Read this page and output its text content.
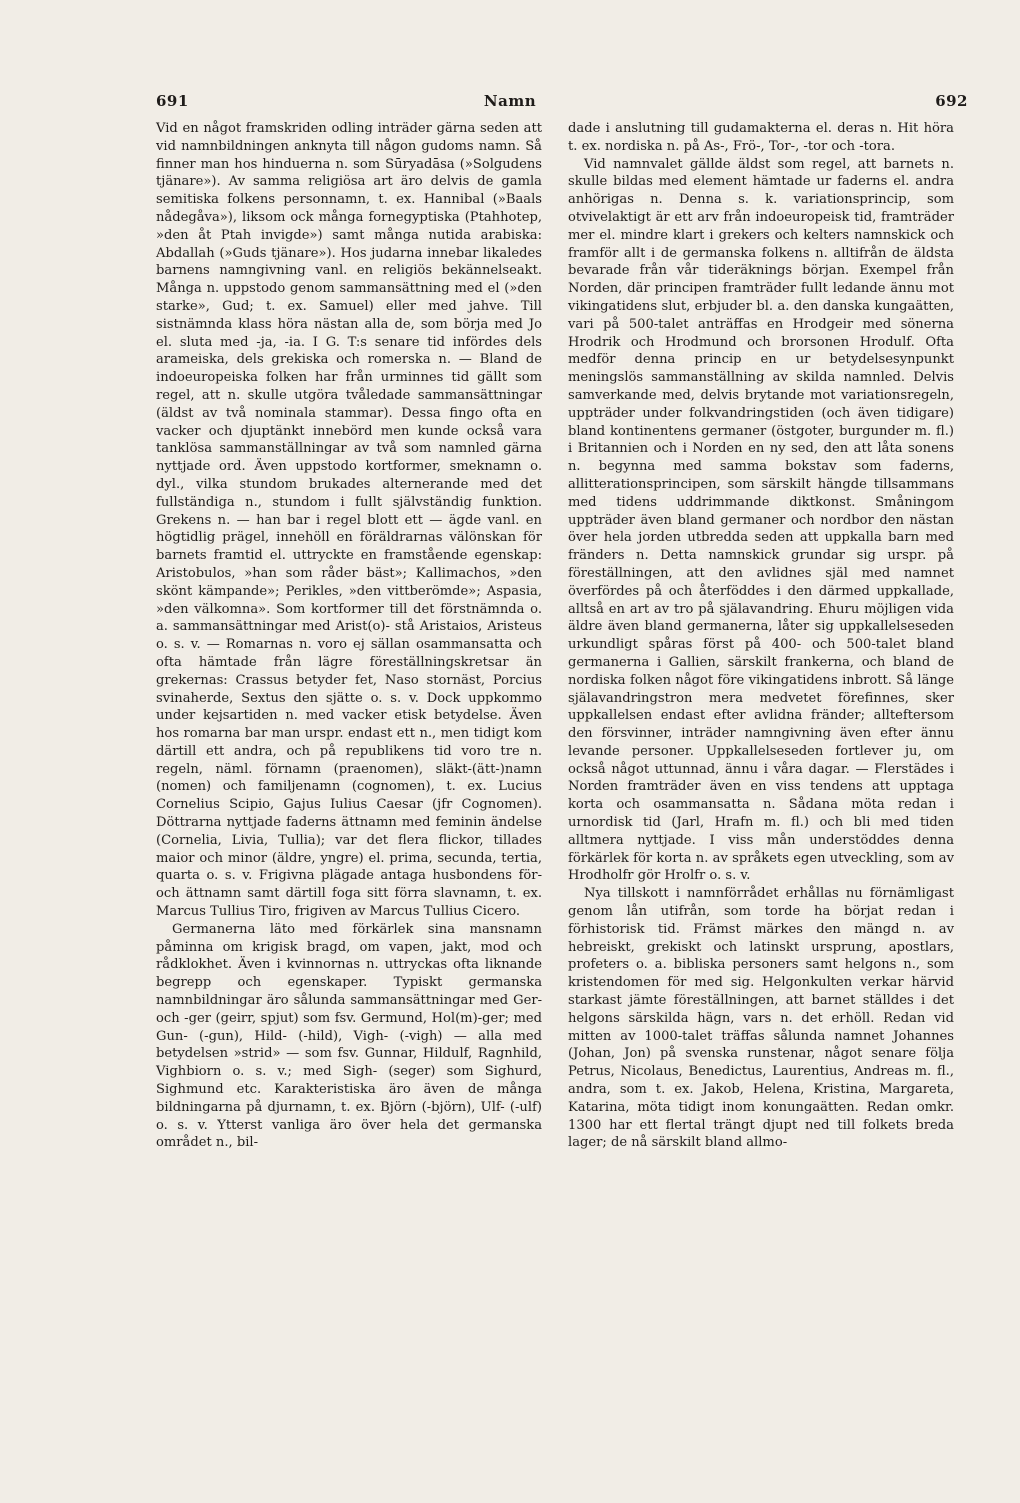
691	Namn	692

Vid en något framskriden odling inträder gärna seden att vid namnbildningen anknyta till någon gudoms namn. Så finner man hos hinduerna n. som Sūryadāsa (»Solgudens tjänare»). Av samma religiösa art äro delvis de gamla semitiska folkens personnamn, t. ex. Hannibal (»Baals nådegåva»), liksom ock många fornegyptiska (Ptahhotep, »den åt Ptah invigde») samt många nutida arabiska: Abdallah (»Guds tjänare»). Hos judarna innebar likaledes barnens namngivning vanl. en religiös bekännelseakt. Många n. uppstodo genom sammansättning med el (»den starke», Gud; t. ex. Samuel) eller med jahve. Till sistnämnda klass höra nästan alla de, som börja med Jo el. sluta med -ja, -ia. I G. T:s senare tid infördes dels arameiska, dels grekiska och romerska n. — Bland de indoeuropeiska folken har från urminnes tid gällt som regel, att n. skulle utgöra tvåledade sammansättningar (äldst av två nominala stammar). Dessa fingo ofta en vacker och djuptänkt innebörd men kunde också vara tanklösa sammanställningar av två som namnled gärna nyttjade ord. Även uppstodo kortformer, smeknamn o. dyl., vilka stundom brukades alternerande med det fullständiga n., stundom i fullt självständig funktion. Grekens n. — han bar i regel blott ett — ägde vanl. en högtidlig prägel, innehöll en föräldrarnas välönskan för barnets framtid el. uttryckte en framstående egenskap: Aristobulos, »han som råder bäst»; Kallimachos, »den skönt kämpande»; Perikles, »den vittberömde»; Aspasia, »den välkomna». Som kortformer till det förstnämnda o. a. sammansättningar med Arist(o)- stå Aristaios, Aristeus o. s. v. — Romarnas n. voro ej sällan osammansatta och ofta hämtade från lägre föreställningskretsar än grekernas: Crassus betyder fet, Naso stornäst, Porcius svinaherde, Sextus den sjätte o. s. v. Dock uppkommo under kejsartiden n. med vacker etisk betydelse. Även hos romarna bar man urspr. endast ett n., men tidigt kom därtill ett andra, och på republikens tid voro tre n. regeln, näml. förnamn (praenomen), släkt-(ätt-)namn (nomen) och familjenamn (cognomen), t. ex. Lucius Cornelius Scipio, Gajus Iulius Caesar (jfr Cognomen). Döttrarna nyttjade faderns ättnamn med feminin ändelse (Cornelia, Livia, Tullia); var det flera flickor, tillades maior och minor (äldre, yngre) el. prima, secunda, tertia, quarta o. s. v. Frigivna plägade antaga husbondens för- och ättnamn samt därtill foga sitt förra slavnamn, t. ex. Marcus Tullius Tiro, frigiven av Marcus Tullius Cicero.

Germanerna läto med förkärlek sina mansnamn påminna om krigisk bragd, om vapen, jakt, mod och rådklokhet. Även i kvinnornas n. uttryckas ofta liknande begrepp och egenskaper. Typiskt germanska namnbildningar äro sålunda sammansättningar med Ger- och -ger (geirr, spjut) som fsv. Germund, Hol(m)-ger; med Gun- (-gun), Hild- (-hild), Vigh- (-vigh) — alla med betydelsen »strid» — som fsv. Gunnar, Hildulf, Ragnhild, Vighbiorn o. s. v.; med Sigh- (seger) som Sighurd, Sighmund etc. Karakteristiska äro även de många bildningarna på djurnamn, t. ex. Björn (-björn), Ulf- (-ulf) o. s. v. Ytterst vanliga äro över hela det germanska området n., bil-

dade i anslutning till gudamakterna el. deras n. Hit höra t. ex. nordiska n. på As-, Frö-, Tor-, -tor och -tora.

Vid namnvalet gällde äldst som regel, att barnets n. skulle bildas med element hämtade ur faderns el. andra anhörigas n. Denna s. k. variationsprincip, som otvivelaktigt är ett arv från indoeuropeisk tid, framträder mer el. mindre klart i grekers och kelters namnskick och framför allt i de germanska folkens n. alltifrån de äldsta bevarade från vår tideräknings början. Exempel från Norden, där principen framträder fullt ledande ännu mot vikingatidens slut, erbjuder bl. a. den danska kungaätten, vari på 500-talet anträffas en Hrodgeir med sönerna Hrodrik och Hrodmund och brorsonen Hrodulf. Ofta medför denna princip en ur betydelsesynpunkt meningslös sammanställning av skilda namnled. Delvis samverkande med, delvis brytande mot variationsregeln, uppträder under folkvandringstiden (och även tidigare) bland kontinentens germaner (östgoter, burgunder m. fl.) i Britannien och i Norden en ny sed, den att låta sonens n. begynna med samma bokstav som faderns, allitterationsprincipen, som särskilt hängde tillsammans med tidens uddrimmande diktkonst. Småningom uppträder även bland germaner och nordbor den nästan över hela jorden utbredda seden att uppkalla barn med fränders n. Detta namnskick grundar sig urspr. på föreställningen, att den avlidnes själ med namnet överfördes på och återföddes i den därmed uppkallade, alltså en art av tro på själavandring. Ehuru möjligen vida äldre även bland germanerna, låter sig uppkallelseseden urkundligt spåras först på 400- och 500-talet bland germanerna i Gallien, särskilt frankerna, och bland de nordiska folken något före vikingatidens inbrott. Så länge själavandringstron mera medvetet förefinnes, sker uppkallelsen endast efter avlidna fränder; allteftersom den försvinner, inträder namngivning även efter ännu levande personer. Uppkallelseseden fortlever ju, om också något uttunnad, ännu i våra dagar. — Flerstädes i Norden framträder även en viss tendens att upptaga korta och osammansatta n. Sådana möta redan i urnordisk tid (Jarl, Hrafn m. fl.) och bli med tiden alltmera nyttjade. I viss mån understöddes denna förkärlek för korta n. av språkets egen utveckling, som av Hrodholfr gör Hrolfr o. s. v.

Nya tillskott i namnförrådet erhållas nu förnämligast genom lån utifrån, som torde ha börjat redan i förhistorisk tid. Främst märkes den mängd n. av hebreiskt, grekiskt och latinskt ursprung, apostlars, profeters o. a. bibliska personers samt helgons n., som kristendomen för med sig. Helgonkulten verkar härvid starkast jämte föreställningen, att barnet ställdes i det helgons särskilda hägn, vars n. det erhöll. Redan vid mitten av 1000-talet träffas sålunda namnet Johannes (Johan, Jon) på svenska runstenar, något senare följa Petrus, Nicolaus, Benedictus, Laurentius, Andreas m. fl., andra, som t. ex. Jakob, Helena, Kristina, Margareta, Katarina, möta tidigt inom konungaätten. Redan omkr. 1300 har ett flertal trängt djupt ned till folkets breda lager; de nå särskilt bland allmo-
